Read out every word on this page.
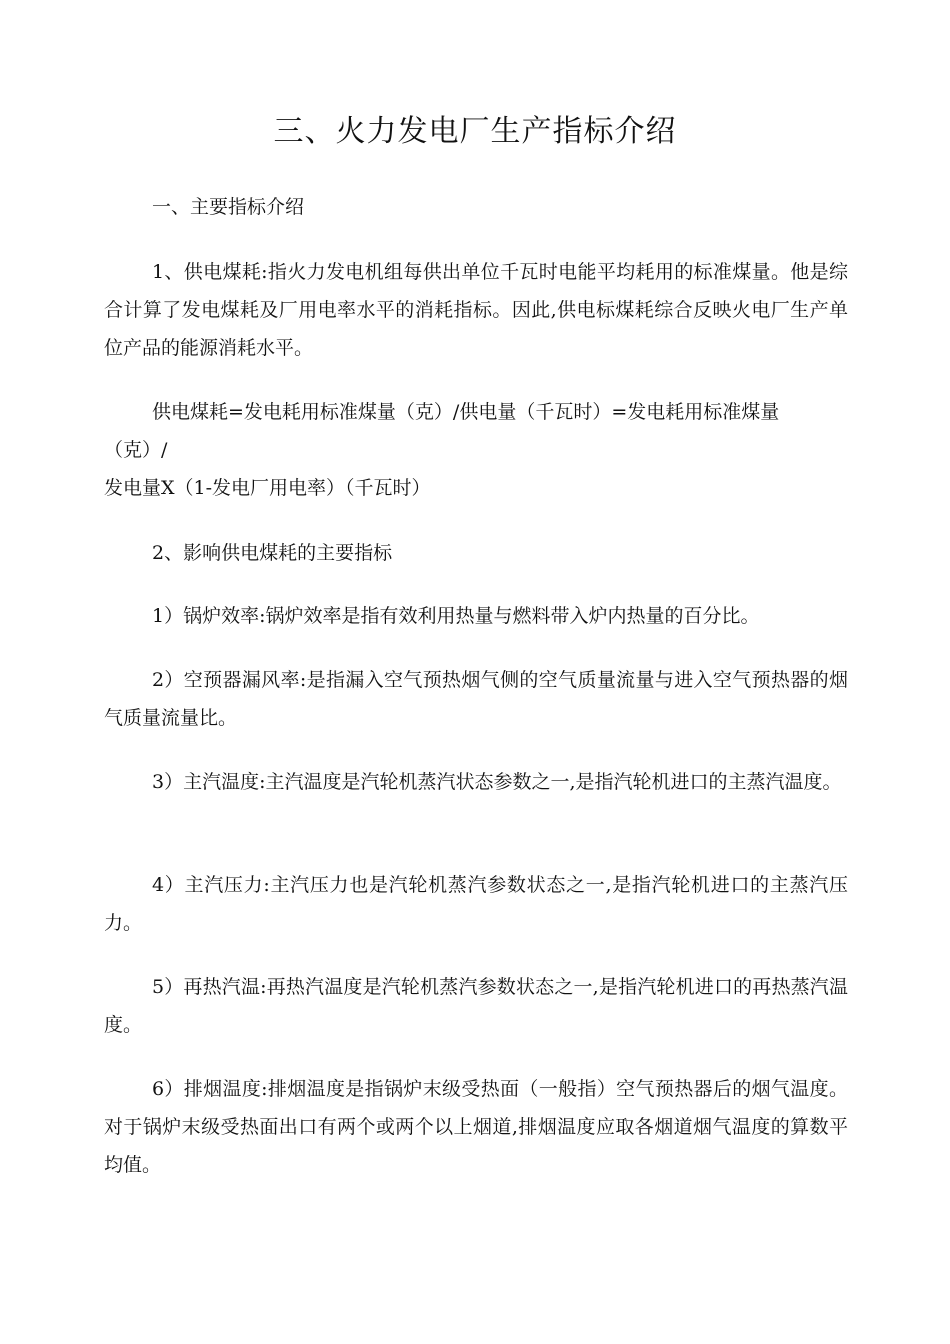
三、火力发电厂生产指标介绍

一、主要指标介绍

1、供电煤耗:指火力发电机组每供出单位千瓦时电能平均耗用的标准煤量。他是综合计算了发电煤耗及厂用电率水平的消耗指标。因此,供电标煤耗综合反映火电厂生产单位产品的能源消耗水平。

供电煤耗=发电耗用标准煤量（克）/供电量（千瓦时）=发电耗用标准煤量
（克）/
发电量X（1-发电厂用电率）（千瓦时）

2、影响供电煤耗的主要指标

1）锅炉效率:锅炉效率是指有效利用热量与燃料带入炉内热量的百分比。

2）空预器漏风率:是指漏入空气预热烟气侧的空气质量流量与进入空气预热器的烟气质量流量比。

3）主汽温度:主汽温度是汽轮机蒸汽状态参数之一,是指汽轮机进口的主蒸汽温度。

4）主汽压力:主汽压力也是汽轮机蒸汽参数状态之一,是指汽轮机进口的主蒸汽压力。

5）再热汽温:再热汽温度是汽轮机蒸汽参数状态之一,是指汽轮机进口的再热蒸汽温度。

6）排烟温度:排烟温度是指锅炉末级受热面（一般指）空气预热器后的烟气温度。对于锅炉末级受热面出口有两个或两个以上烟道,排烟温度应取各烟道烟气温度的算数平均值。
